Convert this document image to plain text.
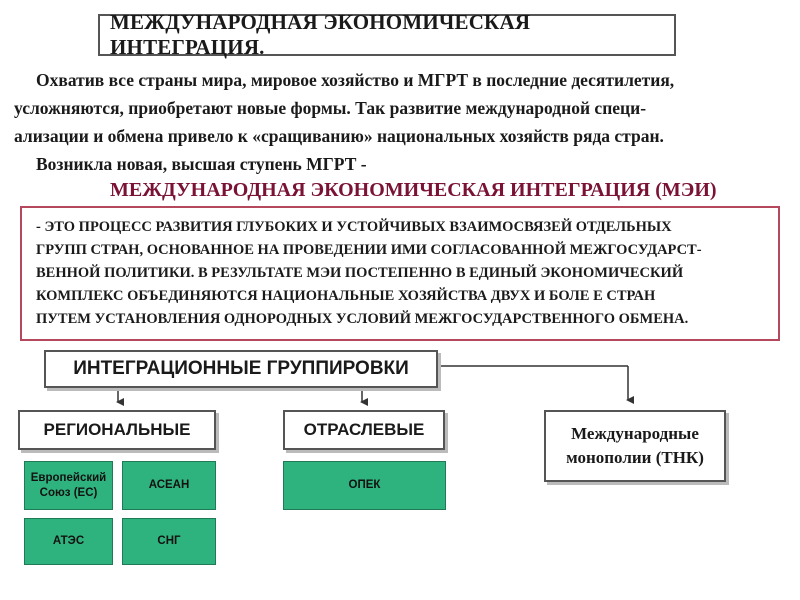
МЕЖДУНАРОДНАЯ ЭКОНОМИЧЕСКАЯ ИНТЕГРАЦИЯ.

Охватив все страны мира, мировое хозяйство и МГРТ в последние десятилетия,

усложняются, приобретают новые формы. Так развитие международной специ-

ализации и обмена привело к «сращиванию» национальных хозяйств ряда стран.

Возникла новая, высшая ступень МГРТ -

МЕЖДУНАРОДНАЯ ЭКОНОМИЧЕСКАЯ ИНТЕГРАЦИЯ (МЭИ)
- ЭТО ПРОЦЕСС РАЗВИТИЯ ГЛУБОКИХ И УСТОЙЧИВЫХ ВЗАИМОСВЯЗЕЙ ОТДЕЛЬНЫХ
ГРУПП СТРАН, ОСНОВАННОЕ НА ПРОВЕДЕНИИ ИМИ СОГЛАСОВАННОЙ МЕЖГОСУДАРСТ-
ВЕННОЙ ПОЛИТИКИ. В РЕЗУЛЬТАТЕ МЭИ ПОСТЕПЕННО В ЕДИНЫЙ ЭКОНОМИЧЕСКИЙ
КОМПЛЕКС ОБЪЕДИНЯЮТСЯ НАЦИОНАЛЬНЫЕ ХОЗЯЙСТВА ДВУХ И БОЛЕ Е СТРАН
ПУТЕМ УСТАНОВЛЕНИЯ ОДНОРОДНЫХ УСЛОВИЙ МЕЖГОСУДАРСТВЕННОГО ОБМЕНА.
ИНТЕГРАЦИОННЫЕ ГРУППИРОВКИ
РЕГИОНАЛЬНЫЕ	ОТРАСЛЕВЫЕ	Международные
монополии (ТНК)
Европейский Союз (ЕС)
АСЕАН
АТЭС	СНГ
ОПЕК
